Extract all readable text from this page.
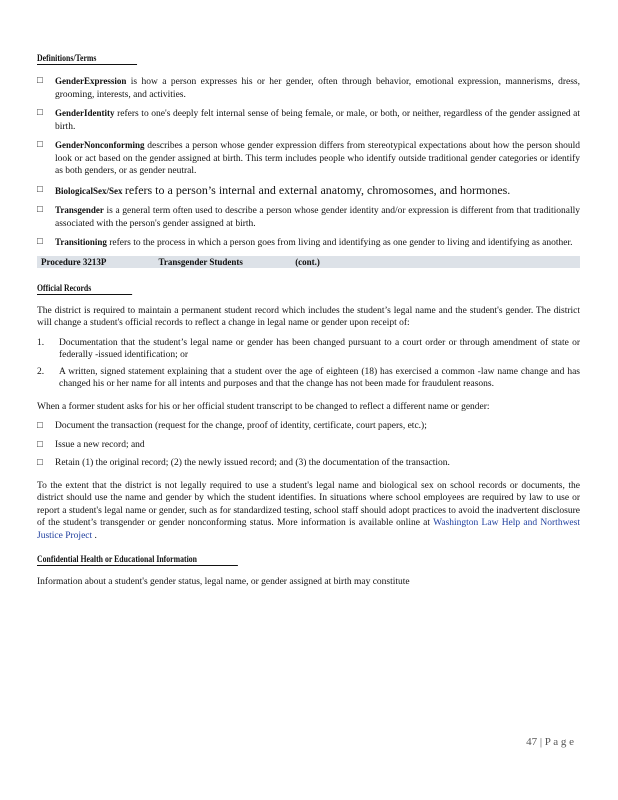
Definitions/Terms
□	GenderExpression is how a person expresses his or her gender, often through behavior, emotional expression, mannerisms, dress, grooming, interests, and activities.
□	GenderIdentity refers to one's deeply felt internal sense of being female, or male, or both, or neither, regardless of the gender assigned at birth.
□	GenderNonconforming describes a person whose gender expression differs from stereotypical expectations about how the person should look or act based on the gender assigned at birth. This term includes people who identify outside traditional gender categories or identify as both genders, or as gender neutral.
□	BiologicalSex/Sex refers to a person’s internal and external anatomy, chromosomes, and hormones.
□	Transgender is a general term often used to describe a person whose gender identity and/or expression is different from that traditionally associated with the person's gender assigned at birth.
□	Transitioning refers to the process in which a person goes from living and identifying as one gender to living and identifying as another.
Procedure 3213P	Transgender Students	(cont.)
Official Records

The district is required to maintain a permanent student record which includes the student’s legal name and the student's gender. The district will change a student's official records to reflect a change in legal name or gender upon receipt of:

1.	Documentation that the student’s legal name or gender has been changed pursuant to a court order or through amendment of state or federally -issued identification; or
2.	A written, signed statement explaining that a student over the age of eighteen (18) has exercised a common -law name change and has changed his or her name for all intents and purposes and that the change has not been made for fraudulent reasons.

When a former student asks for his or her official student transcript to be changed to reflect a different name or gender:

□	Document the transaction (request for the change, proof of identity, certificate, court papers, etc.);
□	Issue a new record; and
□	Retain (1) the original record; (2) the newly issued record; and (3) the documentation of the transaction.

To the extent that the district is not legally required to use a student's legal name and biological sex on school records or documents, the district should use the name and gender by which the student identifies. In situations where school employees are required by law to use or report a student's legal name or gender, such as for standardized testing, school staff should adopt practices to avoid the inadvertent disclosure of the student’s transgender or gender nonconforming status. More information is available online at Washington Law Help and Northwest Justice Project .

Confidential Health or Educational Information

Information about a student's gender status, legal name, or gender assigned at birth may constitute

47 | P a g e
